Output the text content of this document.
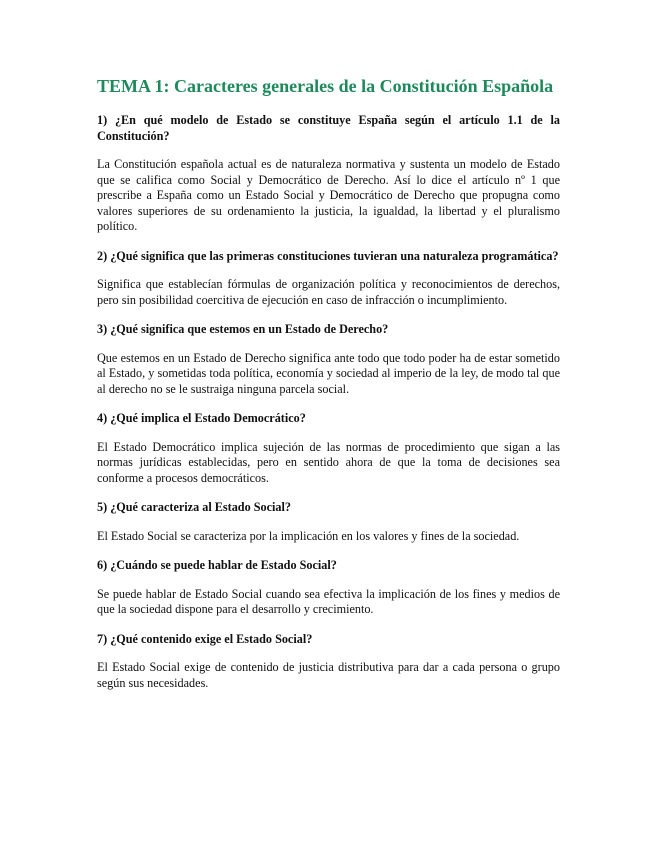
TEMA 1: Caracteres generales de la Constitución Española

1) ¿En qué modelo de Estado se constituye España según el artículo 1.1 de la Constitución?

La Constitución española actual es de naturaleza normativa y sustenta un modelo de Estado que se califica como Social y Democrático de Derecho. Así lo dice el artículo nº 1 que prescribe a España como un Estado Social y Democrático de Derecho que propugna como valores superiores de su ordenamiento la justicia, la igualdad, la libertad y el pluralismo político.

2) ¿Qué significa que las primeras constituciones tuvieran una naturaleza programática?

Significa que establecían fórmulas de organización política y reconocimientos de derechos, pero sin posibilidad coercitiva de ejecución en caso de infracción o incumplimiento.

3) ¿Qué significa que estemos en un Estado de Derecho?

Que estemos en un Estado de Derecho significa ante todo que todo poder ha de estar sometido al Estado, y sometidas toda política, economía y sociedad al imperio de la ley, de modo tal que al derecho no se le sustraiga ninguna parcela social.

4) ¿Qué implica el Estado Democrático?

El Estado Democrático implica sujeción de las normas de procedimiento que sigan a las normas jurídicas establecidas, pero en sentido ahora de que la toma de decisiones sea conforme a procesos democráticos.

5) ¿Qué caracteriza al Estado Social?

El Estado Social se caracteriza por la implicación en los valores y fines de la sociedad.

6) ¿Cuándo se puede hablar de Estado Social?

Se puede hablar de Estado Social cuando sea efectiva la implicación de los fines y medios de que la sociedad dispone para el desarrollo y crecimiento.

7) ¿Qué contenido exige el Estado Social?

El Estado Social exige de contenido de justicia distributiva para dar a cada persona o grupo según sus necesidades.
